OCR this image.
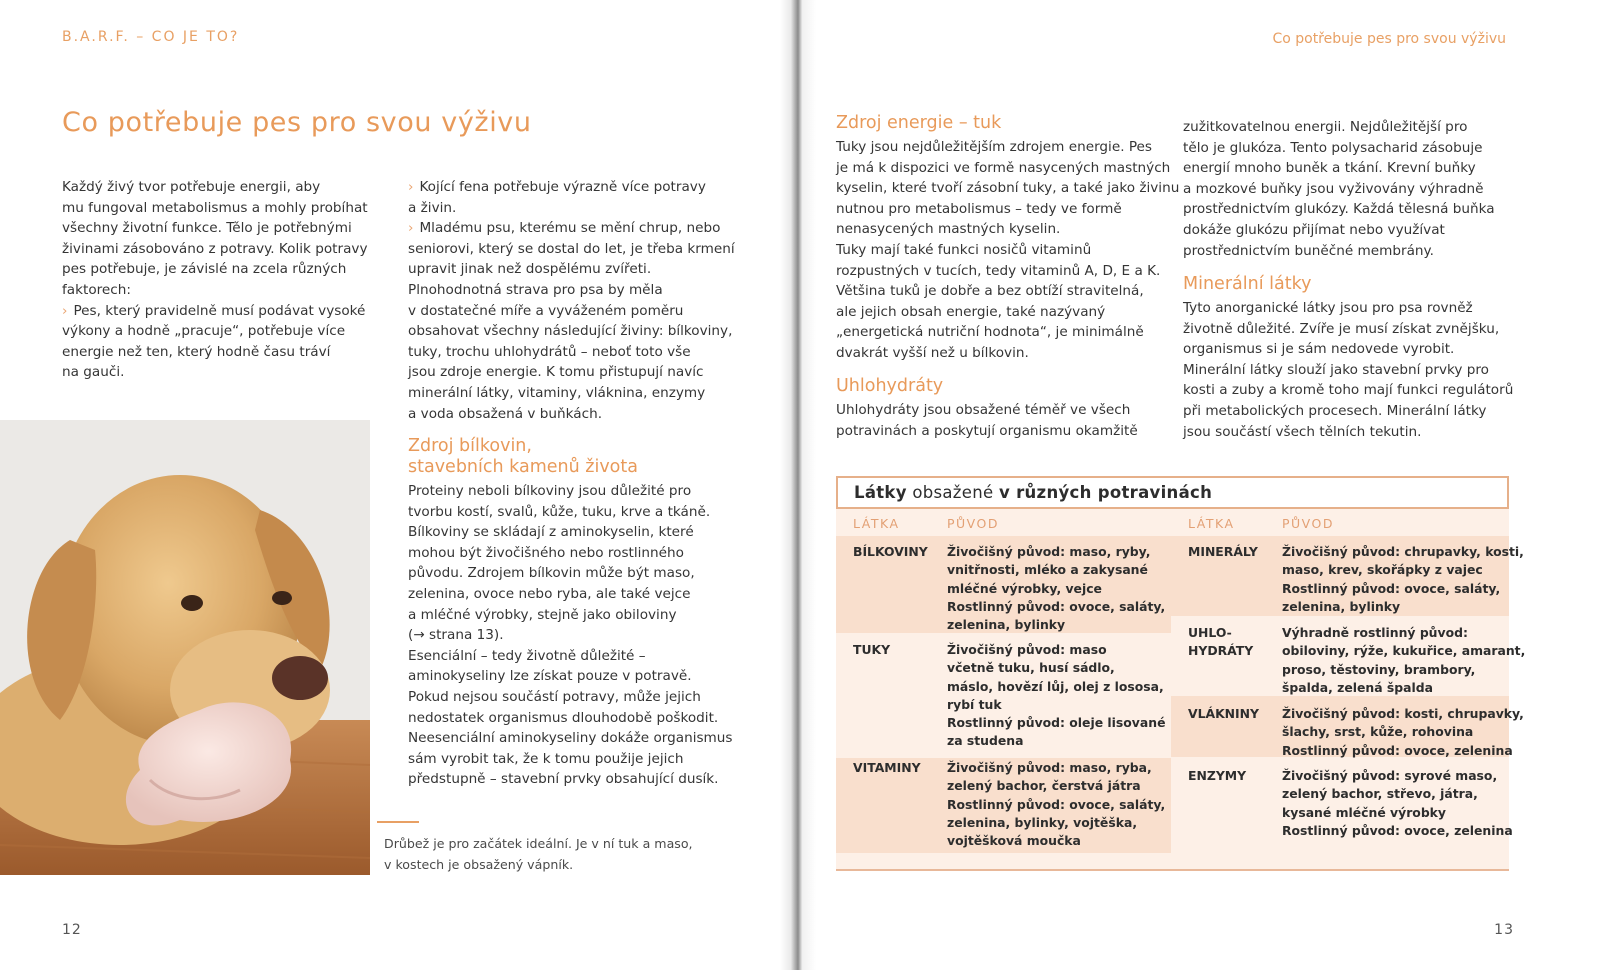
B.A.R.F. – CO JE TO?	Co potřebuje pes pro svou výživu
Co potřebuje pes pro svou výživu
Každý živý tvor potřebuje energii, aby
mu fungoval metabolismus a mohly probíhat
všechny životní funkce. Tělo je potřebnými
živinami zásobováno z potravy. Kolik potravy
pes potřebuje, je závislé na zcela různých
faktorech:
› Pes, který pravidelně musí podávat vysoké
výkony a hodně „pracuje“, potřebuje více
energie než ten, který hodně času tráví
na gauči.
› Kojící fena potřebuje výrazně více potravy
a živin.
› Mladému psu, kterému se mění chrup, nebo
seniorovi, který se dostal do let, je třeba krmení
upravit jinak než dospělému zvířeti.
Plnohodnotná strava pro psa by měla
v dostatečné míře a vyváženém poměru
obsahovat všechny následující živiny: bílkoviny,
tuky, trochu uhlohydrátů – neboť toto vše
jsou zdroje energie. K tomu přistupují navíc
minerální látky, vitaminy, vláknina, enzymy
a voda obsažená v buňkách.
Zdroj bílkovin,
stavebních kamenů života
Proteiny neboli bílkoviny jsou důležité pro
tvorbu kostí, svalů, kůže, tuku, krve a tkáně.
Bílkoviny se skládají z aminokyselin, které
mohou být živočišného nebo rostlinného
původu. Zdrojem bílkovin může být maso,
zelenina, ovoce nebo ryba, ale také vejce
a mléčné výrobky, stejně jako obiloviny
(→ strana 13).
Esenciální – tedy životně důležité –
aminokyseliny lze získat pouze v potravě.
Pokud nejsou součástí potravy, může jejich
nedostatek organismus dlouhodobě poškodit.
Neesenciální aminokyseliny dokáže organismus
sám vyrobit tak, že k tomu použije jejich
předstupně – stavební prvky obsahující dusík.
Drůbež je pro začátek ideální. Je v ní tuk a maso,
v kostech je obsažený vápník.
12
Zdroj energie – tuk
Tuky jsou nejdůležitějším zdrojem energie. Pes
je má k dispozici ve formě nasycených mastných
kyselin, které tvoří zásobní tuky, a také jako živinu
nutnou pro metabolismus – tedy ve formě
nenasycených mastných kyselin.
Tuky mají také funkci nosičů vitaminů
rozpustných v tucích, tedy vitaminů A, D, E a K.
Většina tuků je dobře a bez obtíží stravitelná,
ale jejich obsah energie, také nazývaný
„energetická nutriční hodnota“, je minimálně
dvakrát vyšší než u bílkovin.
Uhlohydráty
Uhlohydráty jsou obsažené téměř ve všech
potravinách a poskytují organismu okamžitě
zužitkovatelnou energii. Nejdůležitější pro
tělo je glukóza. Tento polysacharid zásobuje
energií mnoho buněk a tkání. Krevní buňky
a mozkové buňky jsou vyživovány výhradně
prostřednictvím glukózy. Každá tělesná buňka
dokáže glukózu přijímat nebo využívat
prostřednictvím buněčné membrány.
Minerální látky
Tyto anorganické látky jsou pro psa rovněž
životně důležité. Zvíře je musí získat zvnějšku,
organismus si je sám nedovede vyrobit.
Minerální látky slouží jako stavební prvky pro
kosti a zuby a kromě toho mají funkci regulátorů
při metabolických procesech. Minerální látky
jsou součástí všech tělních tekutin.
Látky obsažené v různých potravinách
LÁTKA	PŮVOD	LÁTKA	PŮVOD
BÍLKOVINY Živočišný původ: maso, ryby,
vnitřnosti, mléko a zakysané
mléčné výrobky, vejce
Rostlinný původ: ovoce, saláty,
zelenina, bylinky
TUKY	Živočišný původ: maso
včetně tuku, husí sádlo,
máslo, hovězí lůj, olej z lososa,
rybí tuk
Rostlinný původ: oleje lisované
za studena
VITAMINY Živočišný původ: maso, ryba,
zelený bachor, čerstvá játra
Rostlinný původ: ovoce, saláty,
zelenina, bylinky, vojtěška,
vojtěšková moučka
MINERÁLY Živočišný původ: chrupavky, kosti,
maso, krev, skořápky z vajec
Rostlinný původ: ovoce, saláty,
zelenina, bylinky
UHLO-
HYDRÁTY
Výhradně rostlinný původ:
obiloviny, rýže, kukuřice, amarant,
proso, těstoviny, brambory,
špalda, zelená špalda
VLÁKNINY Živočišný původ: kosti, chrupavky,
šlachy, srst, kůže, rohovina
Rostlinný původ: ovoce, zelenina
ENZYMY	Živočišný původ: syrové maso,
zelený bachor, střevo, játra,
kysané mléčné výrobky
Rostlinný původ: ovoce, zelenina
13
